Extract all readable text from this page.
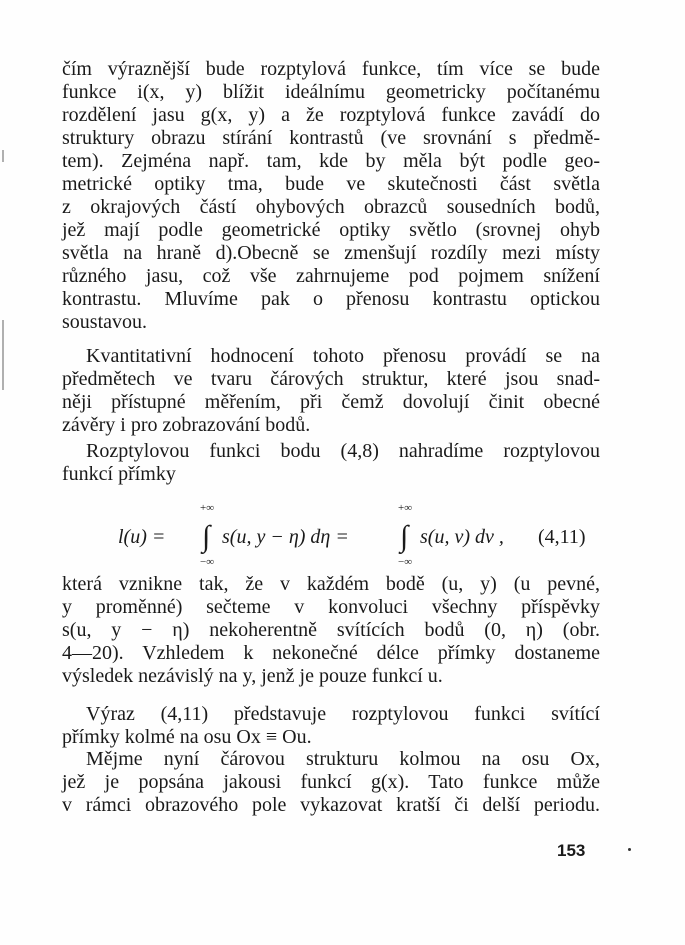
čím výraznější bude rozptylová funkce, tím více se bude
funkce i(x, y) blížit ideálnímu geometricky počítanému
rozdělení jasu g(x, y) a že rozptylová funkce zavádí do
struktury obrazu stírání kontrastů (ve srovnání s předmě-
tem). Zejména např. tam, kde by měla být podle geo-
metrické optiky tma, bude ve skutečnosti část světla
z okrajových částí ohybových obrazců sousedních bodů,
jež mají podle geometrické optiky světlo (srovnej ohyb
světla na hraně d).Obecně se zmenšují rozdíly mezi místy
různého jasu, což vše zahrnujeme pod pojmem snížení
kontrastu. Mluvíme pak o přenosu kontrastu optickou
soustavou.
Kvantitativní hodnocení tohoto přenosu provádí se na
předmětech ve tvaru čárových struktur, které jsou snad-
něji přístupné měřením, při čemž dovolují činit obecné
závěry i pro zobrazování bodů.
Rozptylovou funkci bodu (4,8) nahradíme rozptylovou
funkcí přímky
l(u) =
+∞
∫
−∞
s(u, y − η) dη =
+∞
∫
−∞
s(u, v) dv , (4,11)
která vznikne tak, že v každém bodě (u, y) (u pevné,
y proměnné) sečteme v konvoluci všechny příspěvky
s(u, y − η) nekoherentně svítících bodů (0, η) (obr.
4—20). Vzhledem k nekonečné délce přímky dostaneme
výsledek nezávislý na y, jenž je pouze funkcí u.
Výraz (4,11) představuje rozptylovou funkci svítící
přímky kolmé na osu Ox ≡ Ou.
Mějme nyní čárovou strukturu kolmou na osu Ox,
jež je popsána jakousi funkcí g(x). Tato funkce může
v rámci obrazového pole vykazovat kratší či delší periodu.
153
